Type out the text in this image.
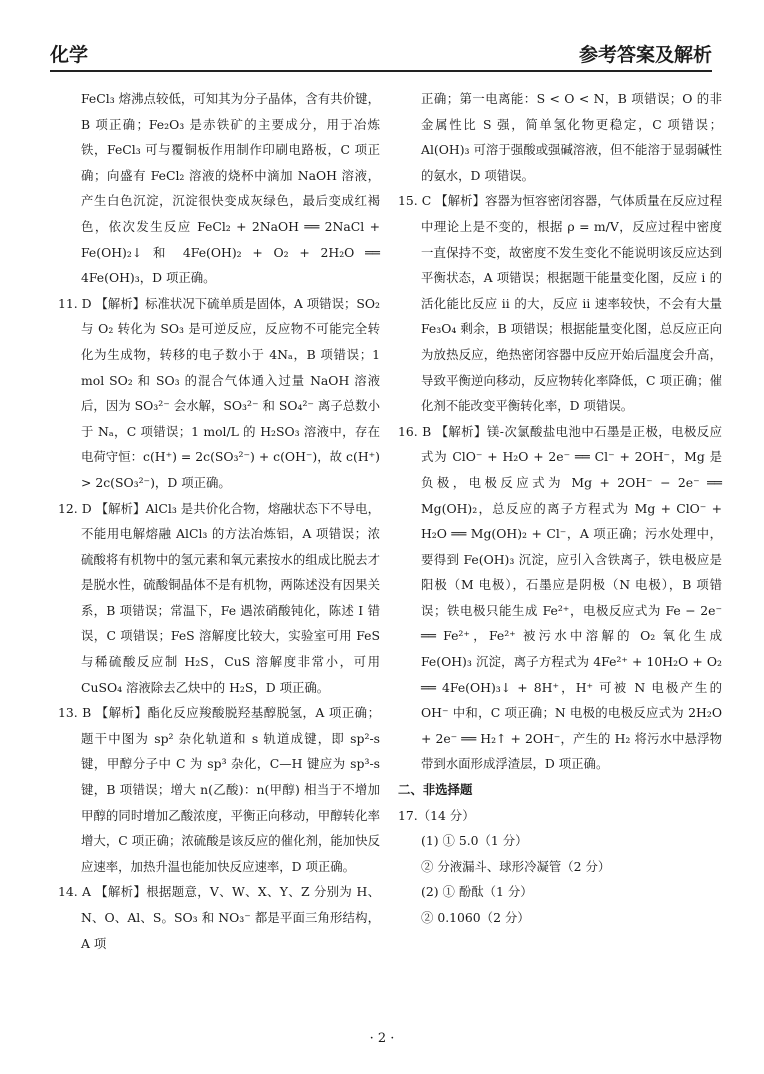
化学	参考答案及解析

FeCl₃ 熔沸点较低，可知其为分子晶体，含有共价键，B 项正确；Fe₂O₃ 是赤铁矿的主要成分，用于冶炼铁，FeCl₃ 可与覆铜板作用制作印刷电路板，C 项正确；向盛有 FeCl₂ 溶液的烧杯中滴加 NaOH 溶液，产生白色沉淀，沉淀很快变成灰绿色，最后变成红褐色，依次发生反应 FeCl₂ + 2NaOH ══ 2NaCl + Fe(OH)₂↓ 和 4Fe(OH)₂ + O₂ + 2H₂O ══ 4Fe(OH)₃，D 项正确。

11. D 【解析】标准状况下硫单质是固体，A 项错误；SO₂ 与 O₂ 转化为 SO₃ 是可逆反应，反应物不可能完全转化为生成物，转移的电子数小于 4Nₐ，B 项错误；1 mol SO₂ 和 SO₃ 的混合气体通入过量 NaOH 溶液后，因为 SO₃²⁻ 会水解，SO₃²⁻ 和 SO₄²⁻ 离子总数小于 Nₐ，C 项错误；1 mol/L 的 H₂SO₃ 溶液中，存在电荷守恒：c(H⁺) = 2c(SO₃²⁻) + c(OH⁻)，故 c(H⁺) > 2c(SO₃²⁻)，D 项正确。

12. D 【解析】AlCl₃ 是共价化合物，熔融状态下不导电，不能用电解熔融 AlCl₃ 的方法冶炼铝，A 项错误；浓硫酸将有机物中的氢元素和氧元素按水的组成比脱去才是脱水性，硫酸铜晶体不是有机物，两陈述没有因果关系，B 项错误；常温下，Fe 遇浓硝酸钝化，陈述 Ⅰ 错误，C 项错误；FeS 溶解度比较大，实验室可用 FeS 与稀硫酸反应制 H₂S，CuS 溶解度非常小，可用 CuSO₄ 溶液除去乙炔中的 H₂S，D 项正确。

13. B 【解析】酯化反应羧酸脱羟基醇脱氢，A 项正确；题干中图为 sp² 杂化轨道和 s 轨道成键，即 sp²-s 键，甲醇分子中 C 为 sp³ 杂化，C—H 键应为 sp³-s 键，B 项错误；增大 n(乙酸)：n(甲醇) 相当于不增加甲醇的同时增加乙酸浓度，平衡正向移动，甲醇转化率增大，C 项正确；浓硫酸是该反应的催化剂，能加快反应速率，加热升温也能加快反应速率，D 项正确。

14. A 【解析】根据题意，V、W、X、Y、Z 分别为 H、N、O、Al、S。SO₃ 和 NO₃⁻ 都是平面三角形结构，A 项

正确；第一电离能：S < O < N，B 项错误；O 的非金属性比 S 强，简单氢化物更稳定，C 项错误；Al(OH)₃ 可溶于强酸或强碱溶液，但不能溶于显弱碱性的氨水，D 项错误。

15. C 【解析】容器为恒容密闭容器，气体质量在反应过程中理论上是不变的，根据 ρ = m/V，反应过程中密度一直保持不变，故密度不发生变化不能说明该反应达到平衡状态，A 项错误；根据题干能量变化图，反应 ⅰ 的活化能比反应 ⅱ 的大，反应 ⅱ 速率较快，不会有大量 Fe₃O₄ 剩余，B 项错误；根据能量变化图，总反应正向为放热反应，绝热密闭容器中反应开始后温度会升高，导致平衡逆向移动，反应物转化率降低，C 项正确；催化剂不能改变平衡转化率，D 项错误。

16. B 【解析】镁-次氯酸盐电池中石墨是正极，电极反应式为 ClO⁻ + H₂O + 2e⁻ ══ Cl⁻ + 2OH⁻，Mg 是负极，电极反应式为 Mg + 2OH⁻ − 2e⁻ ══ Mg(OH)₂，总反应的离子方程式为 Mg + ClO⁻ + H₂O ══ Mg(OH)₂ + Cl⁻，A 项正确；污水处理中，要得到 Fe(OH)₃ 沉淀，应引入含铁离子，铁电极应是阳极（M 电极），石墨应是阴极（N 电极），B 项错误；铁电极只能生成 Fe²⁺，电极反应式为 Fe − 2e⁻ ══ Fe²⁺，Fe²⁺ 被污水中溶解的 O₂ 氧化生成 Fe(OH)₃ 沉淀，离子方程式为 4Fe²⁺ + 10H₂O + O₂ ══ 4Fe(OH)₃↓ + 8H⁺，H⁺ 可被 N 电极产生的 OH⁻ 中和，C 项正确；N 电极的电极反应式为 2H₂O + 2e⁻ ══ H₂↑ + 2OH⁻，产生的 H₂ 将污水中悬浮物带到水面形成浮渣层，D 项正确。

二、非选择题

17.（14 分）

(1) ① 5.0（1 分）

② 分液漏斗、球形冷凝管（2 分）

(2) ① 酚酞（1 分）

② 0.1060（2 分）

· 2 ·
